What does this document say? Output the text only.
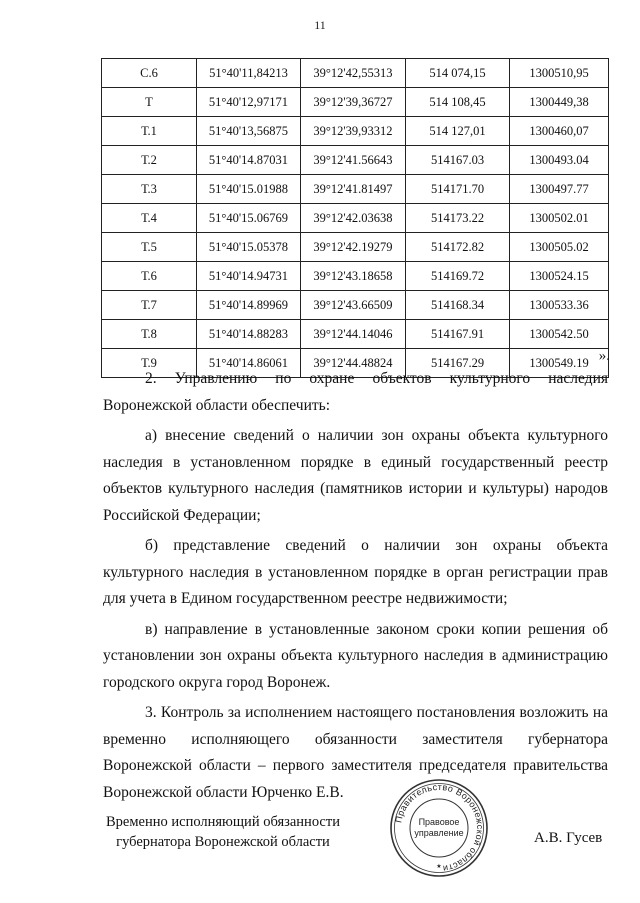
11
С.6	51°40'11,84213	39°12'42,55313	514 074,15	1300510,95
Т	51°40'12,97171	39°12'39,36727	514 108,45	1300449,38
Т.1	51°40'13,56875	39°12'39,93312	514 127,01	1300460,07
Т.2	51°40'14.87031	39°12'41.56643	514167.03	1300493.04
Т.3	51°40'15.01988	39°12'41.81497	514171.70	1300497.77
Т.4	51°40'15.06769	39°12'42.03638	514173.22	1300502.01
Т.5	51°40'15.05378	39°12'42.19279	514172.82	1300505.02
Т.6	51°40'14.94731	39°12'43.18658	514169.72	1300524.15
Т.7	51°40'14.89969	39°12'43.66509	514168.34	1300533.36
Т.8	51°40'14.88283	39°12'44.14046	514167.91	1300542.50
Т.9	51°40'14.86061	39°12'44.48824	514167.29	1300549.19 ».

2. Управлению по охране объектов культурного наследия Воронежской области обеспечить:

а) внесение сведений о наличии зон охраны объекта культурного наследия в установленном порядке в единый государственный реестр объектов культурного наследия (памятников истории и культуры) народов Российской Федерации;

б) представление сведений о наличии зон охраны объекта культурного наследия в установленном порядке в орган регистрации прав для учета в Едином государственном реестре недвижимости;

в) направление в установленные законом сроки копии решения об установлении зон охраны объекта культурного наследия в администрацию городского округа город Воронеж.

3. Контроль за исполнением настоящего постановления возложить на временно исполняющего обязанности заместителя губернатора Воронежской области – первого заместителя председателя правительства Воронежской области Юрченко Е.В.

Временно исполняющий обязанности
губернатора Воронежской области
Правительство Воронежской области
Правовое
управление
★
А.В. Гусев
